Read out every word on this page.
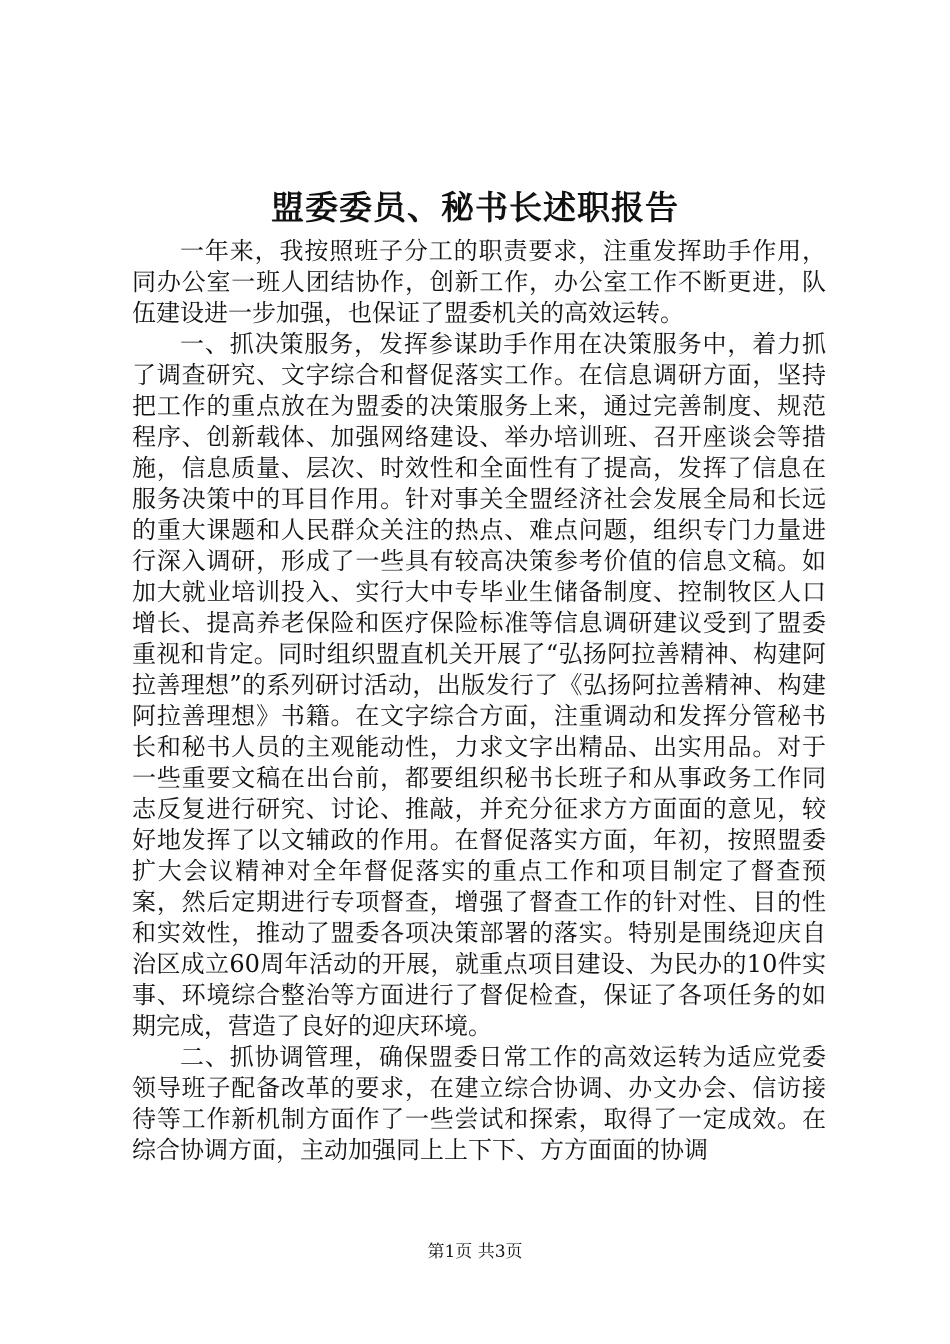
盟委委员、秘书长述职报告

一年来，我按照班子分工的职责要求，注重发挥助手作用，同办公室一班人团结协作，创新工作，办公室工作不断更进，队伍建设进一步加强，也保证了盟委机关的高效运转。

一、抓决策服务，发挥参谋助手作用在决策服务中，着力抓了调查研究、文字综合和督促落实工作。在信息调研方面，坚持把工作的重点放在为盟委的决策服务上来，通过完善制度、规范程序、创新载体、加强网络建设、举办培训班、召开座谈会等措施，信息质量、层次、时效性和全面性有了提高，发挥了信息在服务决策中的耳目作用。针对事关全盟经济社会发展全局和长远的重大课题和人民群众关注的热点、难点问题，组织专门力量进行深入调研，形成了一些具有较高决策参考价值的信息文稿。如加大就业培训投入、实行大中专毕业生储备制度、控制牧区人口增长、提高养老保险和医疗保险标准等信息调研建议受到了盟委重视和肯定。同时组织盟直机关开展了“弘扬阿拉善精神、构建阿拉善理想”的系列研讨活动，出版发行了《弘扬阿拉善精神、构建阿拉善理想》书籍。在文字综合方面，注重调动和发挥分管秘书长和秘书人员的主观能动性，力求文字出精品、出实用品。对于一些重要文稿在出台前，都要组织秘书长班子和从事政务工作同志反复进行研究、讨论、推敲，并充分征求方方面面的意见，较好地发挥了以文辅政的作用。在督促落实方面，年初，按照盟委扩大会议精神对全年督促落实的重点工作和项目制定了督查预案，然后定期进行专项督查，增强了督查工作的针对性、目的性和实效性，推动了盟委各项决策部署的落实。特别是围绕迎庆自治区成立60周年活动的开展，就重点项目建设、为民办的10件实事、环境综合整治等方面进行了督促检查，保证了各项任务的如期完成，营造了良好的迎庆环境。

二、抓协调管理，确保盟委日常工作的高效运转为适应党委领导班子配备改革的要求，在建立综合协调、办文办会、信访接待等工作新机制方面作了一些尝试和探索，取得了一定成效。在综合协调方面，主动加强同上上下下、方方面面的协调

第1页 共3页
